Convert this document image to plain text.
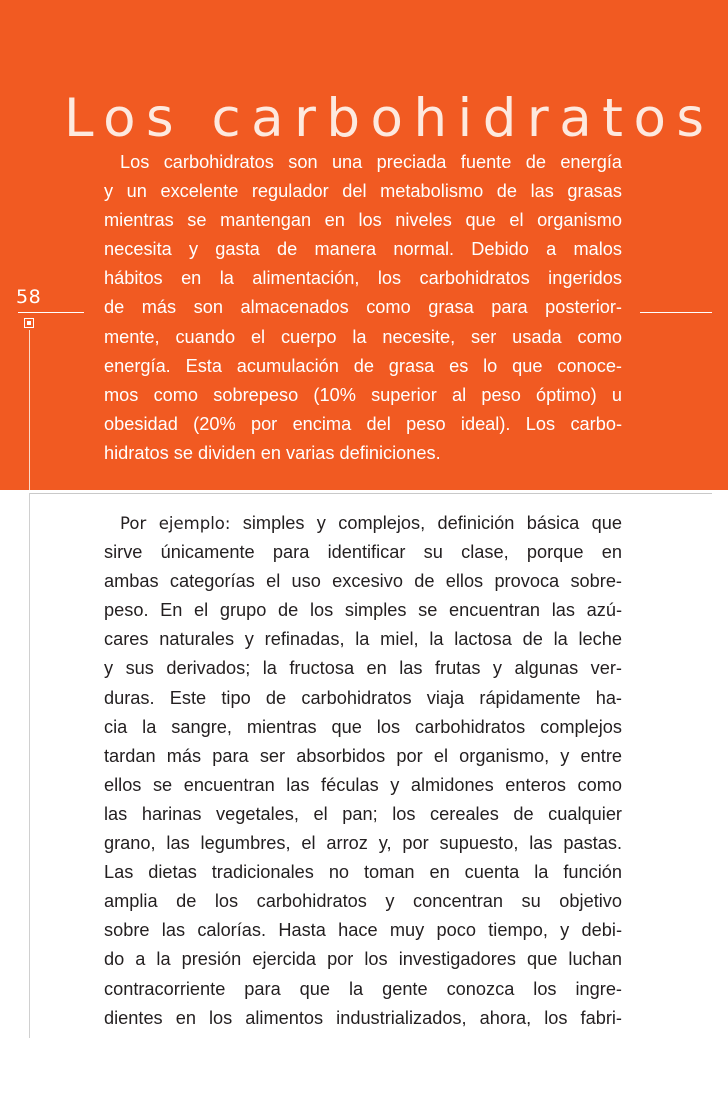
Los carbohidratos
58
Los carbohidratos son una preciada fuente de energía
y un excelente regulador del metabolismo de las grasas
mientras se mantengan en los niveles que el organismo
necesita y gasta de manera normal. Debido a malos
hábitos en la alimentación, los carbohidratos ingeridos
de más son almacenados como grasa para posterior-
mente, cuando el cuerpo la necesite, ser usada como
energía. Esta acumulación de grasa es lo que conoce-
mos como sobrepeso (10% superior al peso óptimo) u
obesidad (20% por encima del peso ideal). Los carbo-
hidratos se dividen en varias definiciones.
Por ejemplo: simples y complejos, definición básica que
sirve únicamente para identificar su clase, porque en
ambas categorías el uso excesivo de ellos provoca sobre-
peso. En el grupo de los simples se encuentran las azú-
cares naturales y refinadas, la miel, la lactosa de la leche
y sus derivados; la fructosa en las frutas y algunas ver-
duras. Este tipo de carbohidratos viaja rápidamente ha-
cia la sangre, mientras que los carbohidratos complejos
tardan más para ser absorbidos por el organismo, y entre
ellos se encuentran las féculas y almidones enteros como
las harinas vegetales, el pan; los cereales de cualquier
grano, las legumbres, el arroz y, por supuesto, las pastas.
Las dietas tradicionales no toman en cuenta la función
amplia de los carbohidratos y concentran su objetivo
sobre las calorías. Hasta hace muy poco tiempo, y debi-
do a la presión ejercida por los investigadores que luchan
contracorriente para que la gente conozca los ingre-
dientes en los alimentos industrializados, ahora, los fabri-
